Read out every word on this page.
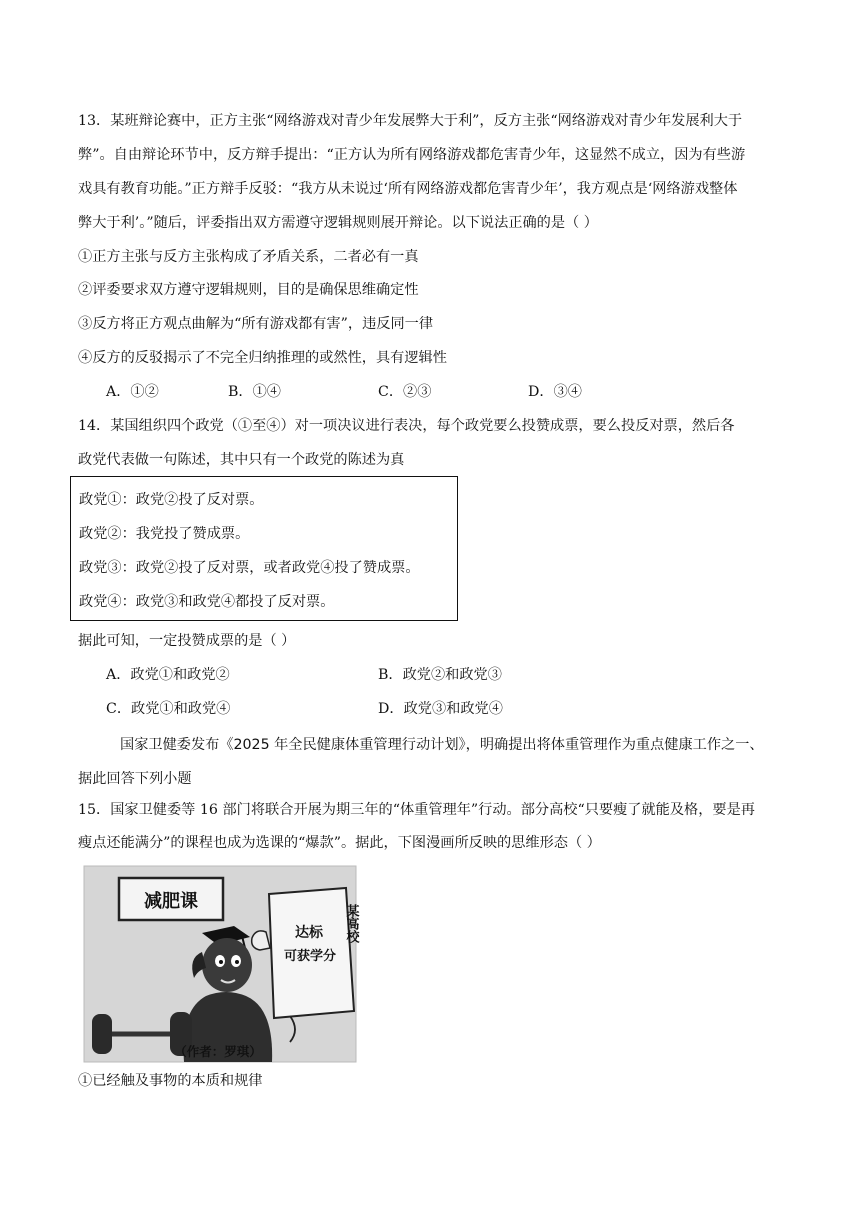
13．某班辩论赛中，正方主张“网络游戏对青少年发展弊大于利”，反方主张“网络游戏对青少年发展利大于
弊”。自由辩论环节中，反方辩手提出：“正方认为所有网络游戏都危害青少年，这显然不成立，因为有些游
戏具有教育功能。”正方辩手反驳：“我方从未说过‘所有网络游戏都危害青少年’，我方观点是‘网络游戏整体
弊大于利’。”随后，评委指出双方需遵守逻辑规则展开辩论。以下说法正确的是（ ）
①正方主张与反方主张构成了矛盾关系，二者必有一真
②评委要求双方遵守逻辑规则，目的是确保思维确定性
③反方将正方观点曲解为“所有游戏都有害”，违反同一律
④反方的反驳揭示了不完全归纳推理的或然性，具有逻辑性
A．①②	B．①④	C．②③	D．③④
14．某国组织四个政党（①至④）对一项决议进行表决，每个政党要么投赞成票，要么投反对票，然后各
政党代表做一句陈述，其中只有一个政党的陈述为真
政党①：政党②投了反对票。
政党②：我党投了赞成票。
政党③：政党②投了反对票，或者政党④投了赞成票。
政党④：政党③和政党④都投了反对票。
据此可知，一定投赞成票的是（ ）
A．政党①和政党②	B．政党②和政党③
C．政党①和政党④	D．政党③和政党④
国家卫健委发布《2025 年全民健康体重管理行动计划》，明确提出将体重管理作为重点健康工作之一、
据此回答下列小题
15．国家卫健委等 16 部门将联合开展为期三年的“体重管理年”行动。部分高校“只要瘦了就能及格，要是再
瘦点还能满分”的课程也成为选课的“爆款”。据此，下图漫画所反映的思维形态（ ）
减肥课
达标
可获学分
某高校
（作者：罗琪）
①已经触及事物的本质和规律
